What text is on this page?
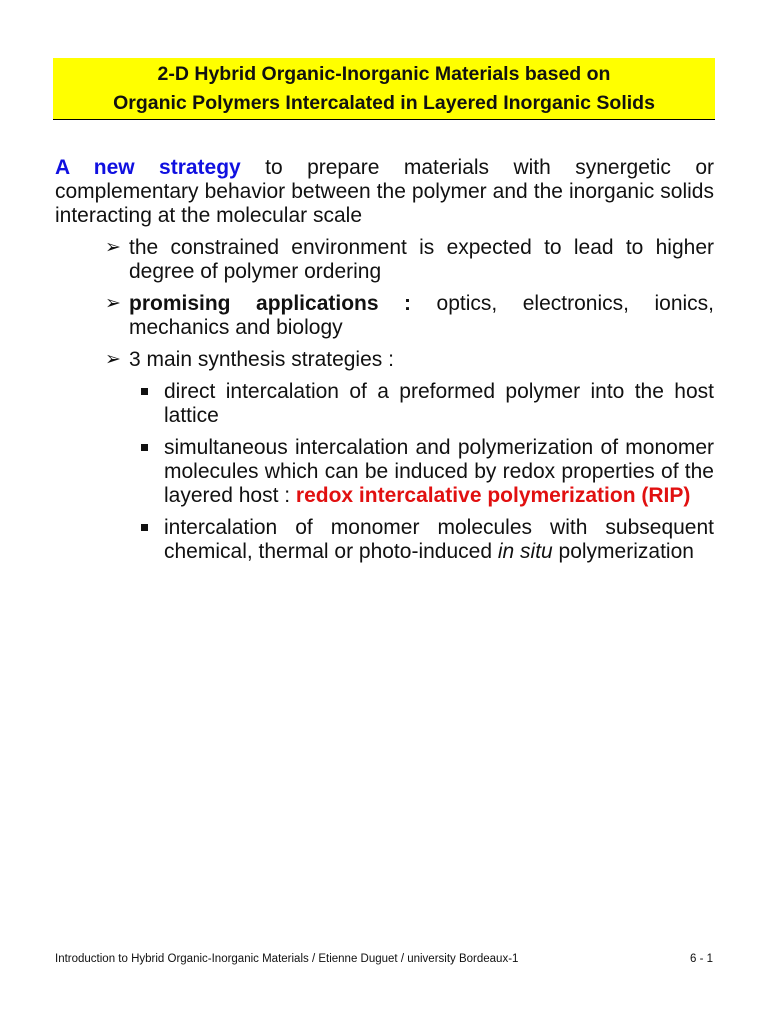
2-D Hybrid Organic-Inorganic Materials based on
Organic Polymers Intercalated in Layered Inorganic Solids

A new strategy to prepare materials with synergetic or complementary behavior between the polymer and the inorganic solids interacting at the molecular scale

➢ the constrained environment is expected to lead to higher degree of polymer ordering

➢ promising applications : optics, electronics, ionics, mechanics and biology

➢ 3 main synthesis strategies :

direct intercalation of a preformed polymer into the host lattice

simultaneous intercalation and polymerization of monomer molecules which can be induced by redox properties of the layered host : redox intercalative polymerization (RIP)

intercalation of monomer molecules with subsequent chemical, thermal or photo-induced in situ polymerization

Introduction to Hybrid Organic-Inorganic Materials / Etienne Duguet / university Bordeaux-1	6 - 1
